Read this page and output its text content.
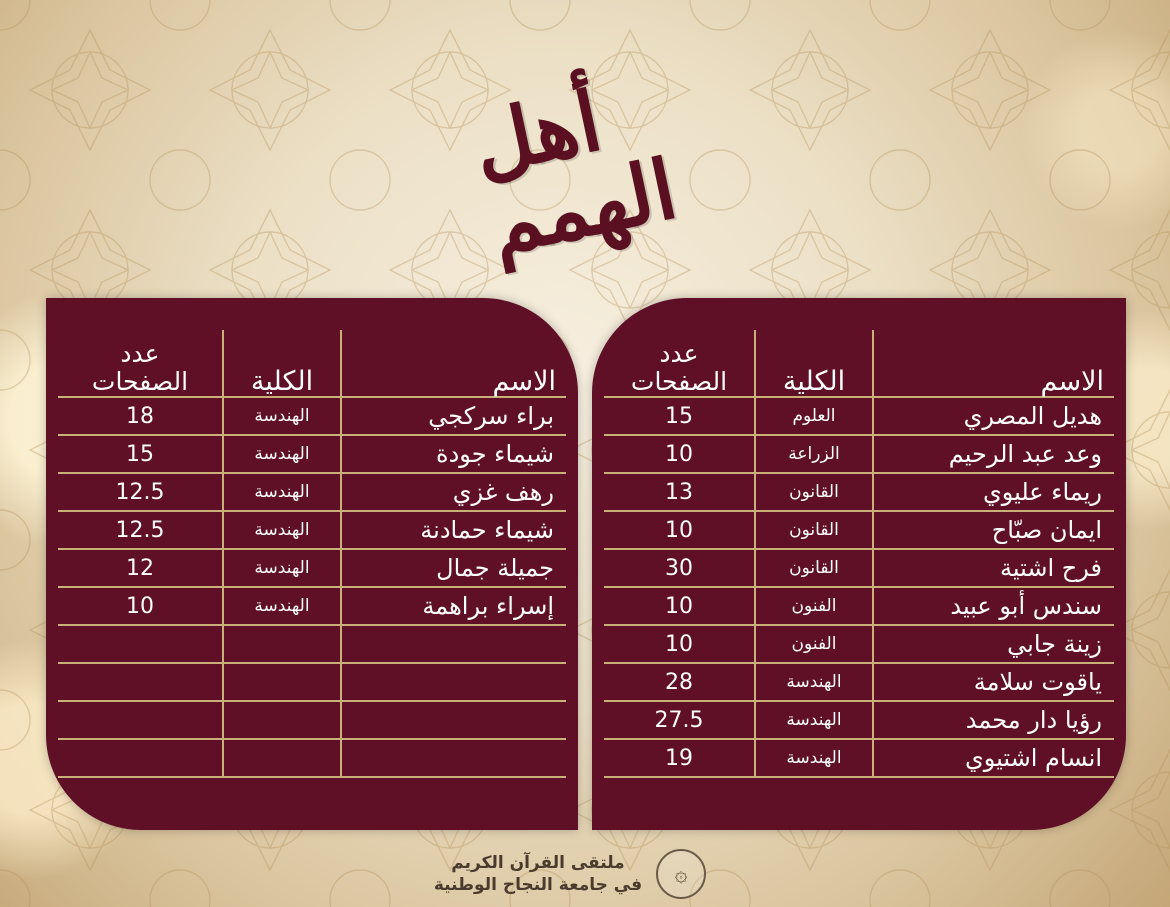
أهل الهمم
الاسم	الكلية	عدد
الصفحات

براء سركجي	الهندسة	18
شيماء جودة	الهندسة	15
رهف غزي	الهندسة	12.5
شيماء حمادنة	الهندسة	12.5
جميلة جمال	الهندسة	12
إسراء براهمة	الهندسة	10

الاسم	الكلية	عدد
الصفحات

هديل المصري	العلوم	15
وعد عبد الرحيم	الزراعة	10
ريماء عليوي	القانون	13
ايمان صبّاح	القانون	10
فرح اشتية	القانون	30
سندس أبو عبيد	الفنون	10
زينة جابي	الفنون	10
ياقوت سلامة	الهندسة	28
رؤيا دار محمد	الهندسة	27.5
انسام اشتيوي	الهندسة	19
ملتقى القرآن الكريم
في جامعة النجاح الوطنية	۞
